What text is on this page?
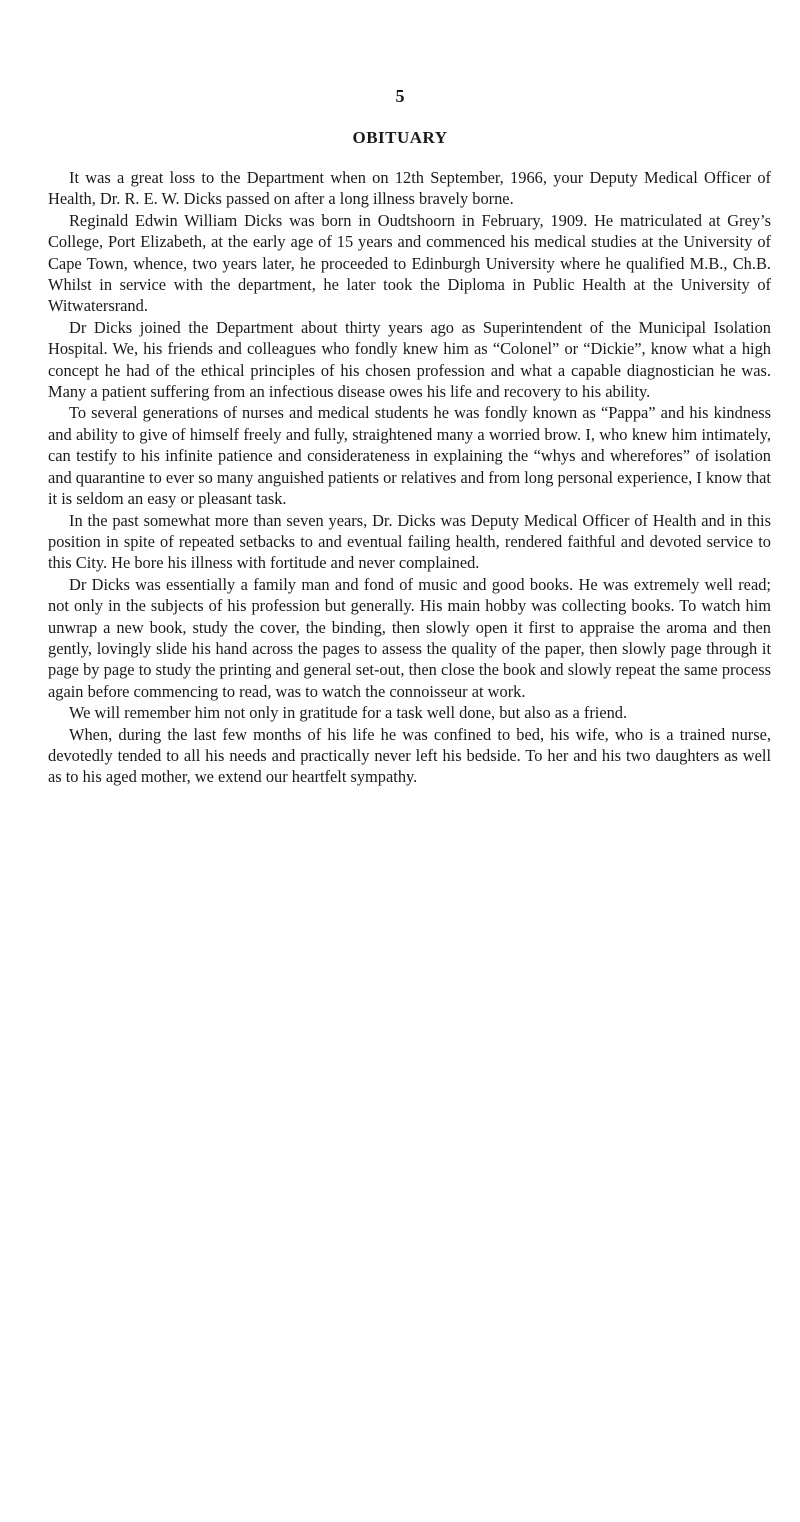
5
OBITUARY

It was a great loss to the Department when on 12th September, 1966, your Deputy Medical Officer of Health, Dr. R. E. W. Dicks passed on after a long illness bravely borne.

Reginald Edwin William Dicks was born in Oudtshoorn in February, 1909. He matriculated at Grey’s College, Port Elizabeth, at the early age of 15 years and commenced his medical studies at the University of Cape Town, whence, two years later, he proceeded to Edinburgh University where he qualified M.B., Ch.B. Whilst in service with the department, he later took the Diploma in Public Health at the University of Witwatersrand.

Dr Dicks joined the Department about thirty years ago as Superintendent of the Municipal Isolation Hospital. We, his friends and colleagues who fondly knew him as “Colonel” or “Dickie”, know what a high concept he had of the ethical principles of his chosen profession and what a capable diagnostician he was. Many a patient suffering from an infectious disease owes his life and recovery to his ability.

To several generations of nurses and medical students he was fondly known as “Pappa” and his kindness and ability to give of himself freely and fully, straightened many a worried brow. I, who knew him intimately, can testify to his infinite patience and considerateness in explaining the “whys and wherefores” of isolation and quarantine to ever so many anguished patients or relatives and from long personal experience, I know that it is seldom an easy or pleasant task.

In the past somewhat more than seven years, Dr. Dicks was Deputy Medical Officer of Health and in this position in spite of repeated setbacks to and eventual failing health, rendered faithful and devoted service to this City. He bore his illness with fortitude and never complained.

Dr Dicks was essentially a family man and fond of music and good books. He was extremely well read; not only in the subjects of his profession but generally. His main hobby was collecting books. To watch him unwrap a new book, study the cover, the binding, then slowly open it first to appraise the aroma and then gently, lovingly slide his hand across the pages to assess the quality of the paper, then slowly page through it page by page to study the printing and general set-out, then close the book and slowly repeat the same process again before commencing to read, was to watch the connoisseur at work.

We will remember him not only in gratitude for a task well done, but also as a friend.

When, during the last few months of his life he was confined to bed, his wife, who is a trained nurse, devotedly tended to all his needs and practically never left his bedside. To her and his two daughters as well as to his aged mother, we extend our heartfelt sympathy.
